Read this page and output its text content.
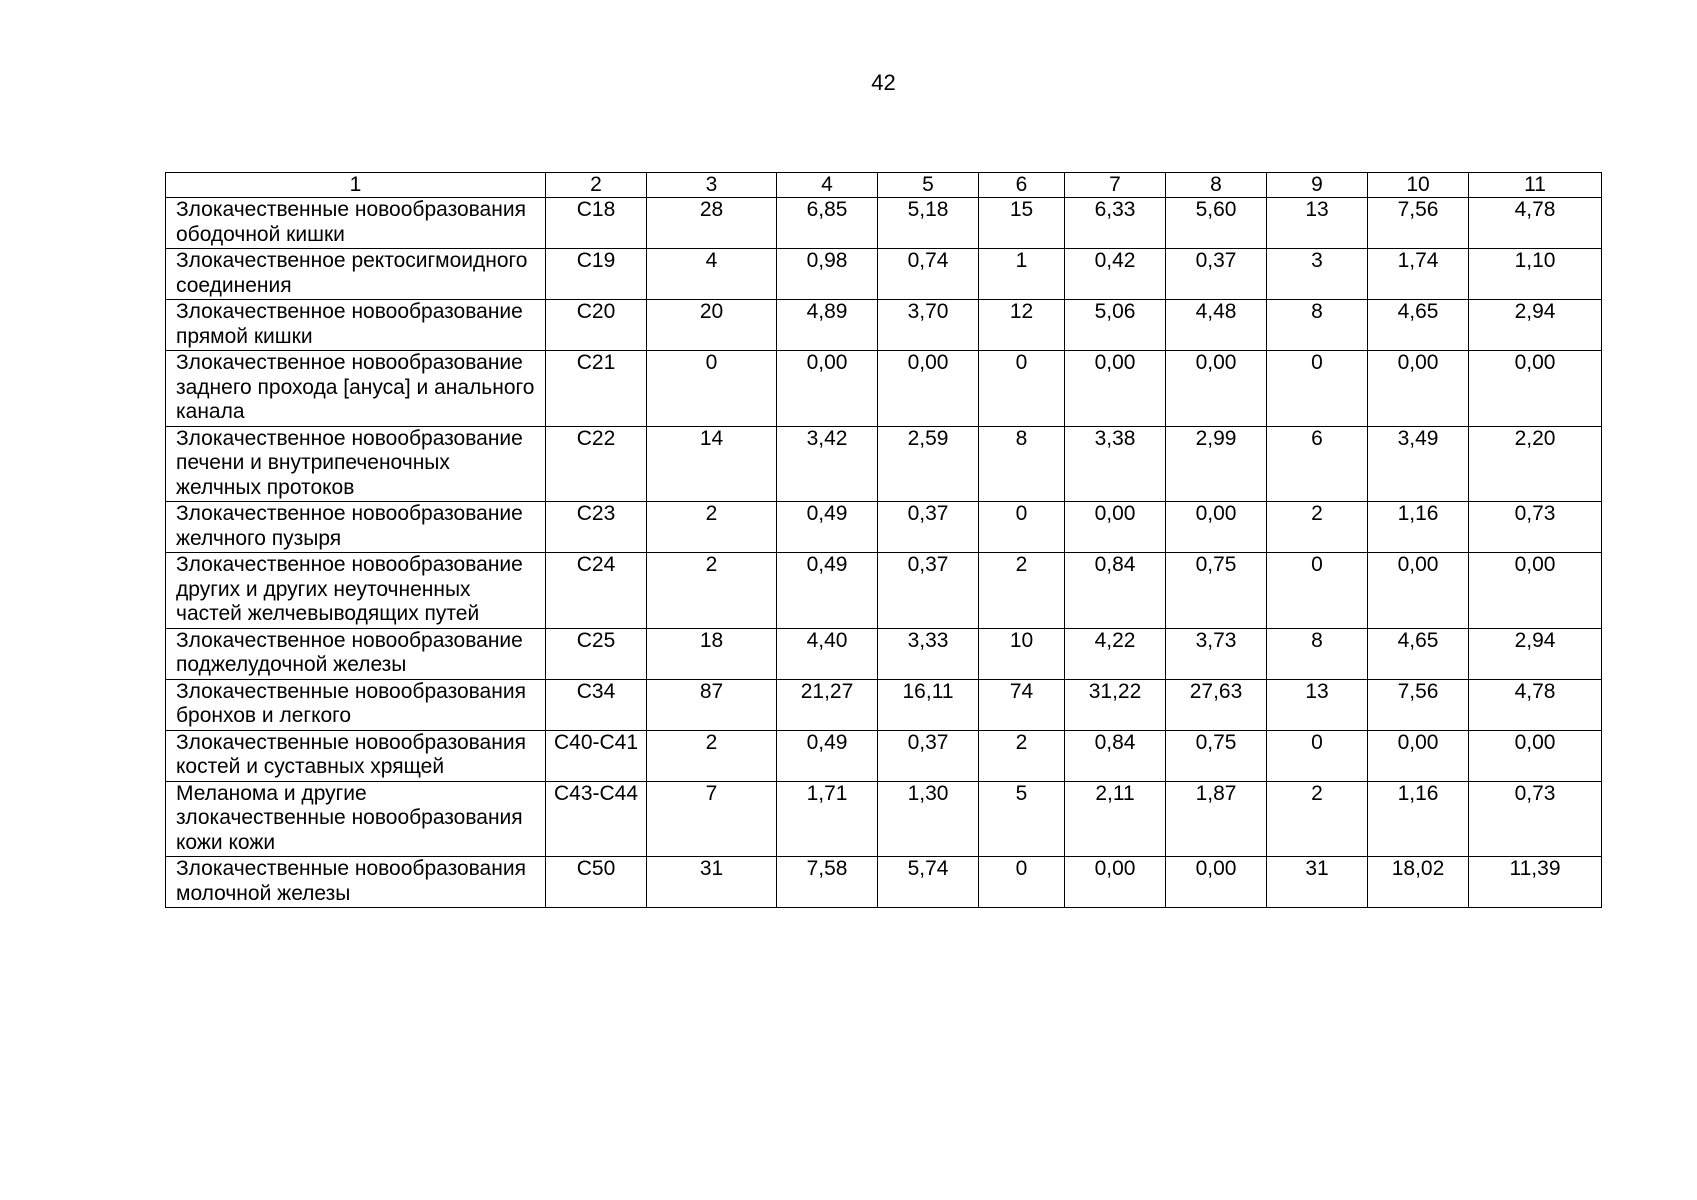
42
1	2	3	4	5	6	7	8	9	10	11
Злокачественные новообразования ободочной кишки	C18	28	6,85	5,18	15	6,33	5,60	13	7,56	4,78
Злокачественное ректосигмоидного соединения	C19	4	0,98	0,74	1	0,42	0,37	3	1,74	1,10
Злокачественное новообразование прямой кишки	C20	20	4,89	3,70	12	5,06	4,48	8	4,65	2,94
Злокачественное новообразование заднего прохода [ануса] и анального канала	C21	0	0,00	0,00	0	0,00	0,00	0	0,00	0,00
Злокачественное новообразование печени и внутрипеченочных желчных протоков	C22	14	3,42	2,59	8	3,38	2,99	6	3,49	2,20
Злокачественное новообразование желчного пузыря	C23	2	0,49	0,37	0	0,00	0,00	2	1,16	0,73
Злокачественное новообразование других и других неуточненных частей желчевыводящих путей	C24	2	0,49	0,37	2	0,84	0,75	0	0,00	0,00
Злокачественное новообразование поджелудочной железы	C25	18	4,40	3,33	10	4,22	3,73	8	4,65	2,94
Злокачественные новообразования бронхов и легкого	C34	87	21,27	16,11	74	31,22	27,63	13	7,56	4,78
Злокачественные новообразования костей и суставных хрящей	C40-C41	2	0,49	0,37	2	0,84	0,75	0	0,00	0,00
Меланома и другие злокачественные новообразования кожи кожи	C43-C44	7	1,71	1,30	5	2,11	1,87	2	1,16	0,73
Злокачественные новообразования молочной железы	C50	31	7,58	5,74	0	0,00	0,00	31	18,02	11,39
